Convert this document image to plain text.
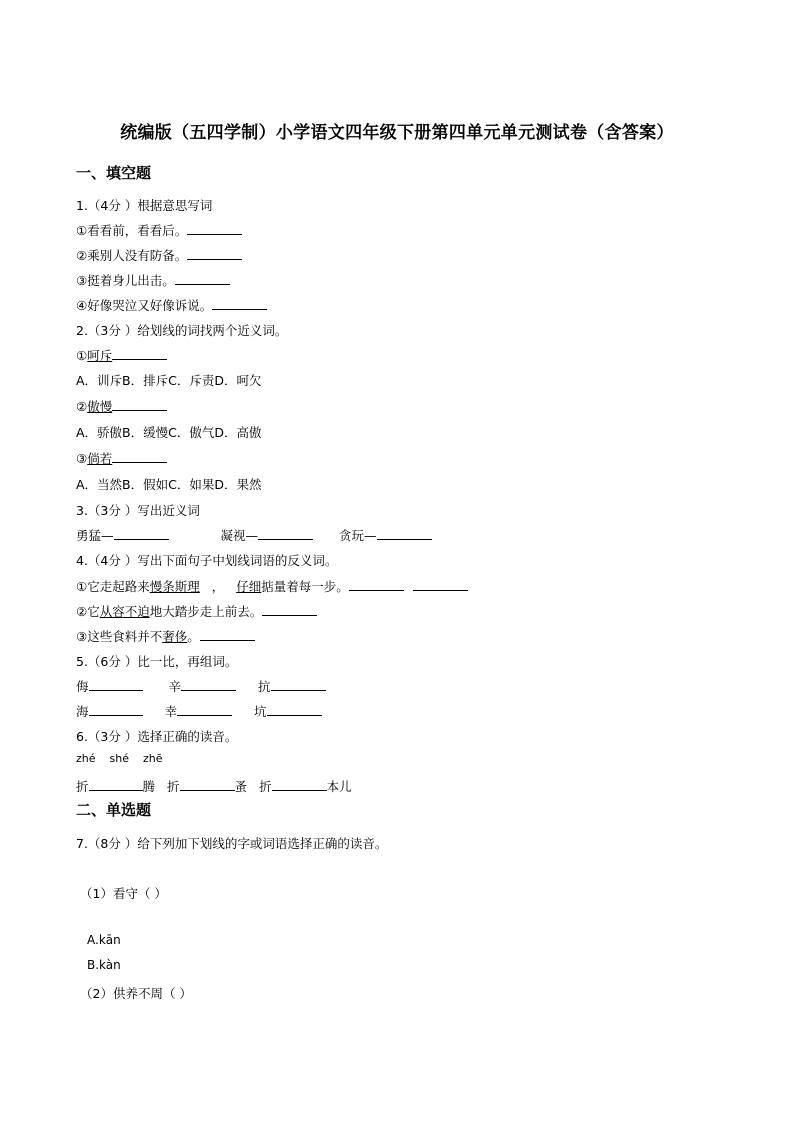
统编版（五四学制）小学语文四年级下册第四单元单元测试卷（含答案）
一、填空题
1.（4分 ）根据意思写词
①看看前，看看后。
②乘别人没有防备。
③挺着身儿出击。
④好像哭泣又好像诉说。
2.（3分 ）给划线的词找两个近义词。
①呵斥
A．训斥B．排斥C．斥责D．呵欠
②傲慢
A．骄傲B．缓慢C．傲气D．高傲
③倘若
A．当然B．假如C．如果D．果然
3.（3分 ）写出近义词
勇猛—	凝视—	贪玩—
4.（4分 ）写出下面句子中划线词语的反义词。
①它走起路来慢条斯理 ， 仔细掂量着每一步。
②它从容不迫地大踏步走上前去。
③这些食料并不奢侈。
5.（6分 ）比一比，再组词。
侮	辛	抗
海	幸	坑
6.（3分 ）选择正确的读音。
zhé    shé    zhē
折	腾 折	蚤 折	本儿
二、单选题
7.（8分 ）给下列加下划线的字或词语选择正确的读音。
（1）看守（ ）
A.kān
B.kàn
（2）供养不周（ ）
